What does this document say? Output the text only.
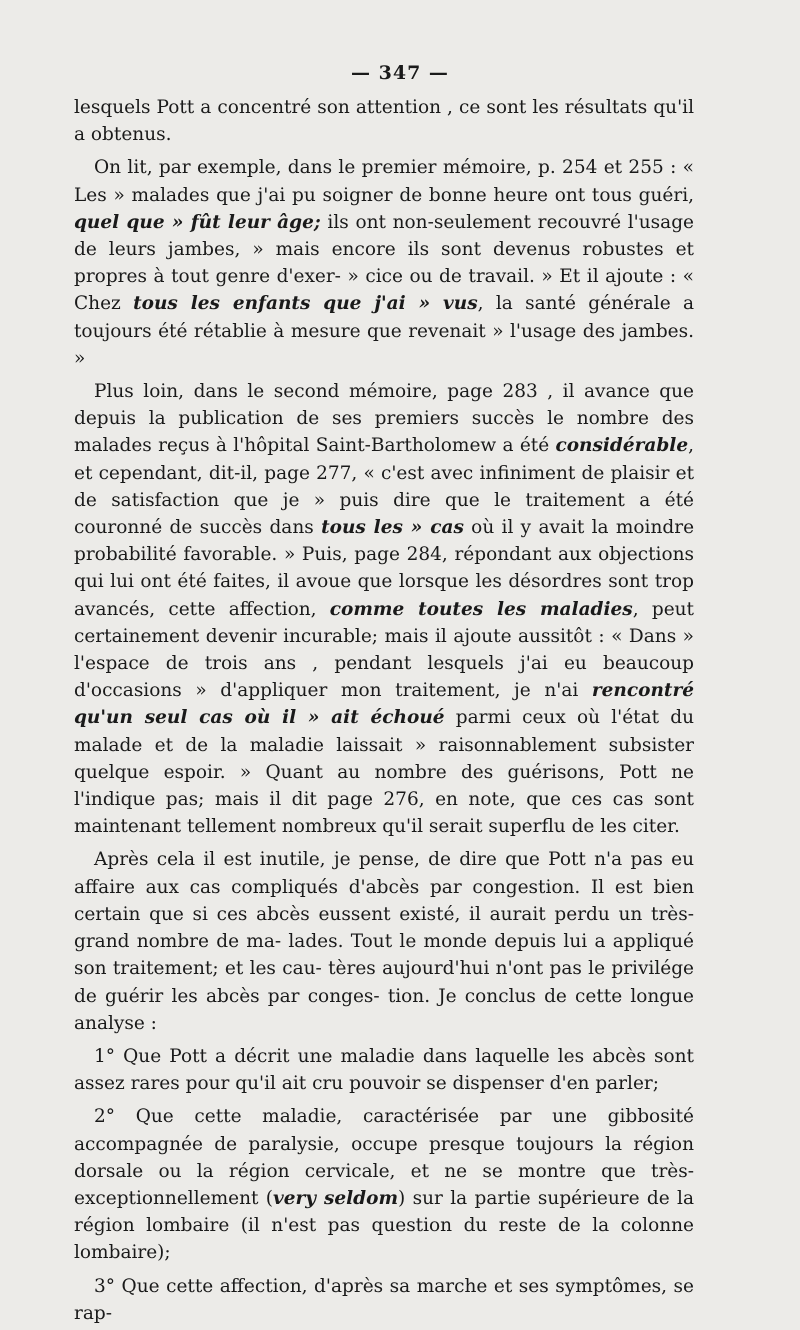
— 347 —

lesquels Pott a concentré son attention , ce sont les résultats qu'il a obtenus.

On lit, par exemple, dans le premier mémoire, p. 254 et 255 : « Les » malades que j'ai pu soigner de bonne heure ont tous guéri, quel que » fût leur âge; ils ont non-seulement recouvré l'usage de leurs jambes, » mais encore ils sont devenus robustes et propres à tout genre d'exer- » cice ou de travail. » Et il ajoute : « Chez tous les enfants que j'ai » vus, la santé générale a toujours été rétablie à mesure que revenait » l'usage des jambes. »

Plus loin, dans le second mémoire, page 283 , il avance que depuis la publication de ses premiers succès le nombre des malades reçus à l'hôpital Saint-Bartholomew a été considérable, et cependant, dit-il, page 277, « c'est avec infiniment de plaisir et de satisfaction que je » puis dire que le traitement a été couronné de succès dans tous les » cas où il y avait la moindre probabilité favorable. » Puis, page 284, répondant aux objections qui lui ont été faites, il avoue que lorsque les désordres sont trop avancés, cette affection, comme toutes les maladies, peut certainement devenir incurable; mais il ajoute aussitôt : « Dans » l'espace de trois ans , pendant lesquels j'ai eu beaucoup d'occasions » d'appliquer mon traitement, je n'ai rencontré qu'un seul cas où il » ait échoué parmi ceux où l'état du malade et de la maladie laissait » raisonnablement subsister quelque espoir. » Quant au nombre des guérisons, Pott ne l'indique pas; mais il dit page 276, en note, que ces cas sont maintenant tellement nombreux qu'il serait superflu de les citer.

Après cela il est inutile, je pense, de dire que Pott n'a pas eu affaire aux cas compliqués d'abcès par congestion. Il est bien certain que si ces abcès eussent existé, il aurait perdu un très-grand nombre de ma- lades. Tout le monde depuis lui a appliqué son traitement; et les cau- tères aujourd'hui n'ont pas le privilége de guérir les abcès par conges- tion. Je conclus de cette longue analyse :

1° Que Pott a décrit une maladie dans laquelle les abcès sont assez rares pour qu'il ait cru pouvoir se dispenser d'en parler;

2° Que cette maladie, caractérisée par une gibbosité accompagnée de paralysie, occupe presque toujours la région dorsale ou la région cervicale, et ne se montre que très-exceptionnellement (very seldom) sur la partie supérieure de la région lombaire (il n'est pas question du reste de la colonne lombaire);

3° Que cette affection, d'après sa marche et ses symptômes, se rap-
